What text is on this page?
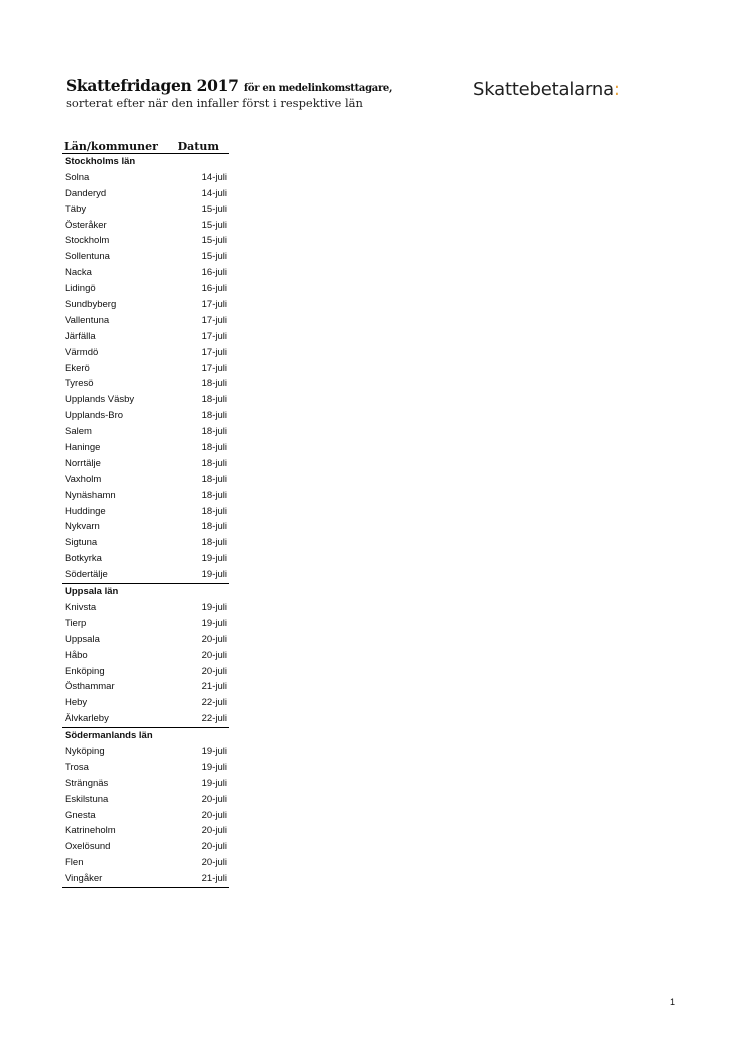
Skattefridagen 2017 för en medelinkomsttagare,
sorterat efter när den infaller först i respektive län
Skattebetalarna:
Län/kommuner Datum
Stockholms län
Solna	14-juli
Danderyd	14-juli
Täby	15-juli
Österåker	15-juli
Stockholm	15-juli
Sollentuna	15-juli
Nacka	16-juli
Lidingö	16-juli
Sundbyberg	17-juli
Vallentuna	17-juli
Järfälla	17-juli
Värmdö	17-juli
Ekerö	17-juli
Tyresö	18-juli
Upplands Väsby	18-juli
Upplands-Bro	18-juli
Salem	18-juli
Haninge	18-juli
Norrtälje	18-juli
Vaxholm	18-juli
Nynäshamn	18-juli
Huddinge	18-juli
Nykvarn	18-juli
Sigtuna	18-juli
Botkyrka	19-juli
Södertälje	19-juli
Uppsala län
Knivsta	19-juli
Tierp	19-juli
Uppsala	20-juli
Håbo	20-juli
Enköping	20-juli
Östhammar	21-juli
Heby	22-juli
Älvkarleby	22-juli
Södermanlands län
Nyköping	19-juli
Trosa	19-juli
Strängnäs	19-juli
Eskilstuna	20-juli
Gnesta	20-juli
Katrineholm	20-juli
Oxelösund	20-juli
Flen	20-juli
Vingåker	21-juli
1
